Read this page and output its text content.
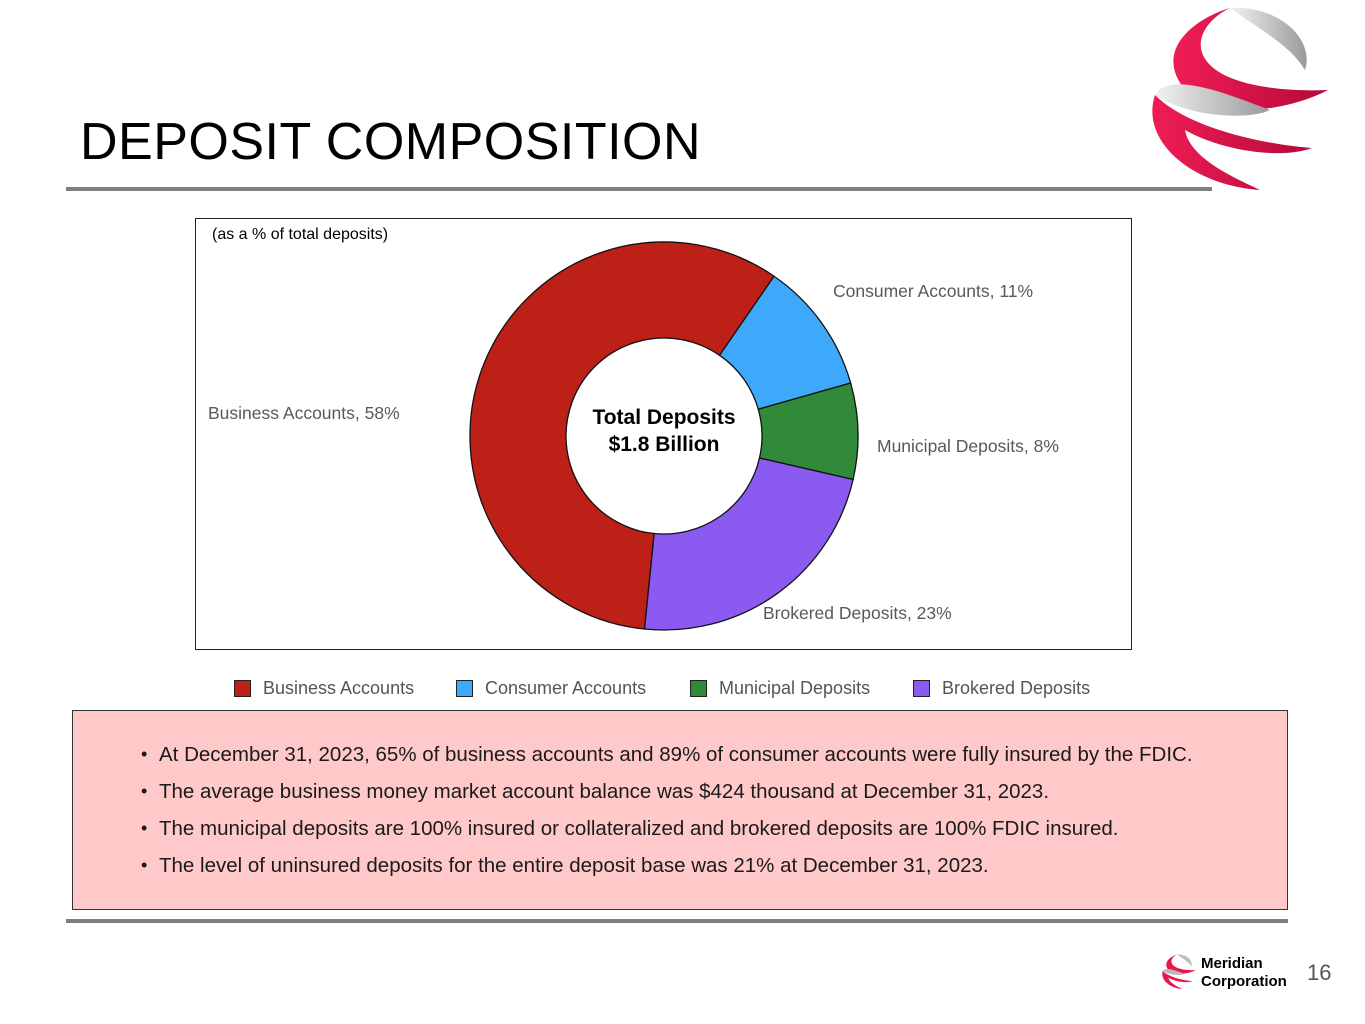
DEPOSIT COMPOSITION
(as a % of total deposits)
Business Accounts, 58%
Consumer Accounts, 11%
Municipal Deposits, 8%
Brokered Deposits, 23%
Total Deposits
$1.8 Billion
Business Accounts	Consumer Accounts	Municipal Deposits	Brokered Deposits
• At December 31, 2023, 65% of business accounts and 89% of consumer accounts were fully insured by the FDIC.
• The average business money market account balance was $424 thousand at December 31, 2023.
• The municipal deposits are 100% insured or collateralized and brokered deposits are 100% FDIC insured.
• The level of uninsured deposits for the entire deposit base was 21% at December 31, 2023.
Meridian
Corporation 16
